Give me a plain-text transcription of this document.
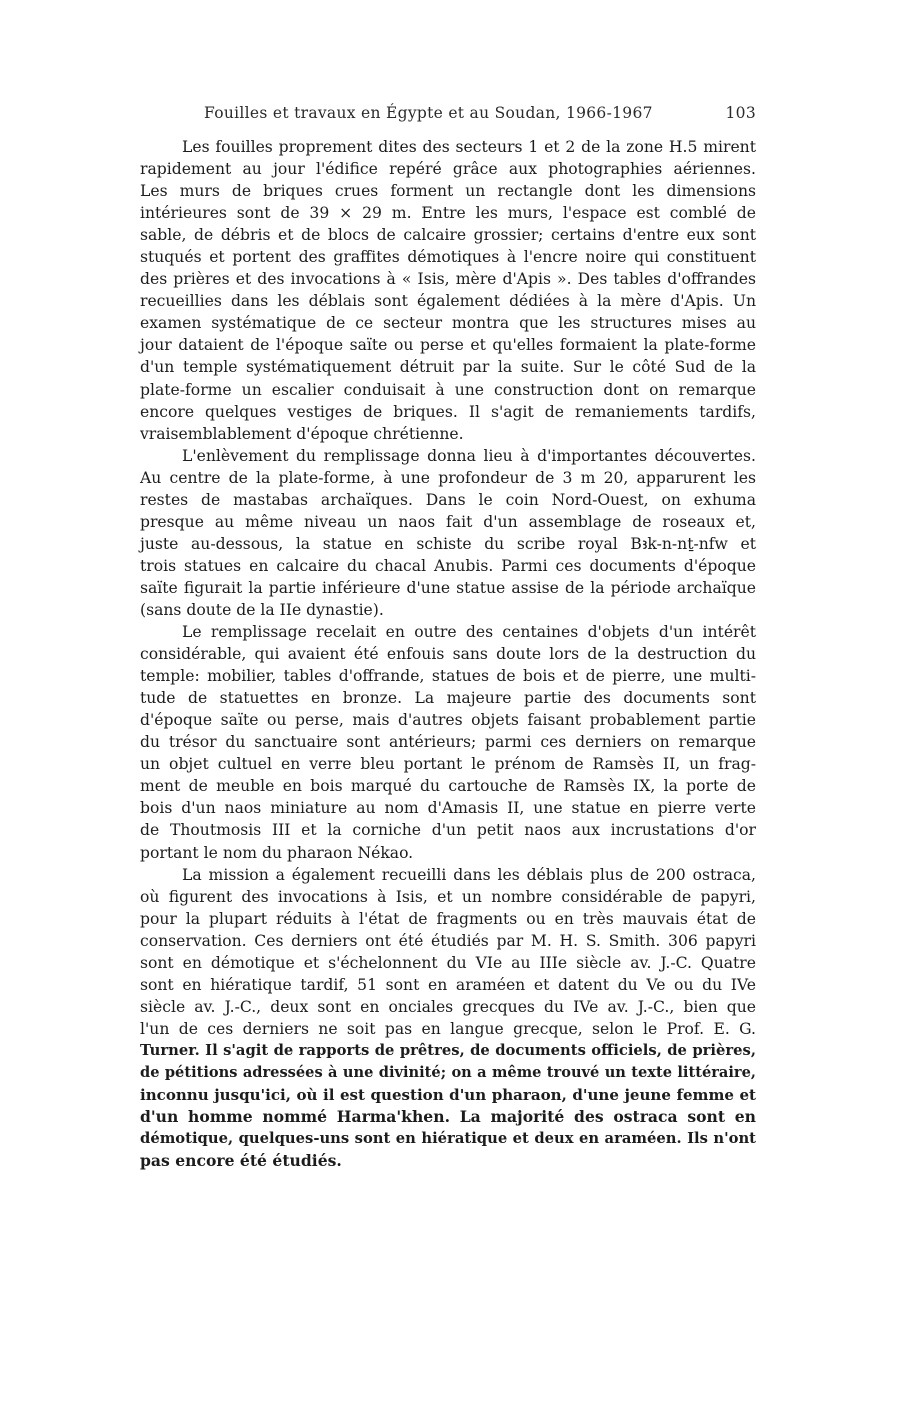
Fouilles et travaux en Égypte et au Soudan, 1966-1967	103
Les fouilles proprement dites des secteurs 1 et 2 de la zone H.5 mirent
rapidement au jour l'édifice repéré grâce aux photographies aériennes.
Les murs de briques crues forment un rectangle dont les dimensions
intérieures sont de 39 × 29 m. Entre les murs, l'espace est comblé de
sable, de débris et de blocs de calcaire grossier; certains d'entre eux sont
stuqués et portent des graffites démotiques à l'encre noire qui constituent
des prières et des invocations à « Isis, mère d'Apis ». Des tables d'offrandes
recueillies dans les déblais sont également dédiées à la mère d'Apis. Un
examen systématique de ce secteur montra que les structures mises au
jour dataient de l'époque saïte ou perse et qu'elles formaient la plate-forme
d'un temple systématiquement détruit par la suite. Sur le côté Sud de la
plate-forme un escalier conduisait à une construction dont on remarque
encore quelques vestiges de briques. Il s'agit de remaniements tardifs,
vraisemblablement d'époque chrétienne.
L'enlèvement du remplissage donna lieu à d'importantes découvertes.
Au centre de la plate-forme, à une profondeur de 3 m 20, apparurent les
restes de mastabas archaïques. Dans le coin Nord-Ouest, on exhuma
presque au même niveau un naos fait d'un assemblage de roseaux et,
juste au-dessous, la statue en schiste du scribe royal Bꜣk-n-nṯ-nfw et
trois statues en calcaire du chacal Anubis. Parmi ces documents d'époque
saïte figurait la partie inférieure d'une statue assise de la période archaïque
(sans doute de la IIe dynastie).
Le remplissage recelait en outre des centaines d'objets d'un intérêt
considérable, qui avaient été enfouis sans doute lors de la destruction du
temple: mobilier, tables d'offrande, statues de bois et de pierre, une multi-
tude de statuettes en bronze. La majeure partie des documents sont
d'époque saïte ou perse, mais d'autres objets faisant probablement partie
du trésor du sanctuaire sont antérieurs; parmi ces derniers on remarque
un objet cultuel en verre bleu portant le prénom de Ramsès II, un frag-
ment de meuble en bois marqué du cartouche de Ramsès IX, la porte de
bois d'un naos miniature au nom d'Amasis II, une statue en pierre verte
de Thoutmosis III et la corniche d'un petit naos aux incrustations d'or
portant le nom du pharaon Nékao.
La mission a également recueilli dans les déblais plus de 200 ostraca,
où figurent des invocations à Isis, et un nombre considérable de papyri,
pour la plupart réduits à l'état de fragments ou en très mauvais état de
conservation. Ces derniers ont été étudiés par M. H. S. Smith. 306 papyri
sont en démotique et s'échelonnent du VIe au IIIe siècle av. J.-C. Quatre
sont en hiératique tardif, 51 sont en araméen et datent du Ve ou du IVe
siècle av. J.-C., deux sont en onciales grecques du IVe av. J.-C., bien que
l'un de ces derniers ne soit pas en langue grecque, selon le Prof. E. G.
Turner. Il s'agit de rapports de prêtres, de documents officiels, de prières,
de pétitions adressées à une divinité; on a même trouvé un texte littéraire,
inconnu jusqu'ici, où il est question d'un pharaon, d'une jeune femme et
d'un homme nommé Harma'khen. La majorité des ostraca sont en
démotique, quelques-uns sont en hiératique et deux en araméen. Ils n'ont
pas encore été étudiés.
